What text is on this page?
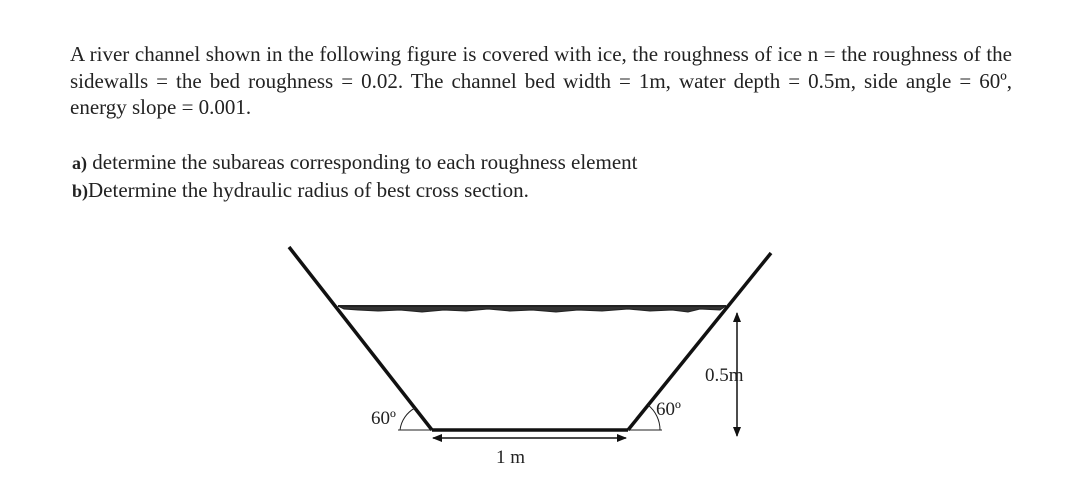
A river channel shown in the following figure is covered with ice, the roughness of ice n = the roughness of the sidewalls = the bed roughness = 0.02. The channel bed width = 1m, water depth = 0.5m, side angle = 60º, energy slope = 0.001.

a) determine the subareas corresponding to each roughness element
b)Determine the hydraulic radius of best cross section.
60º	60º
0.5m
1 m
